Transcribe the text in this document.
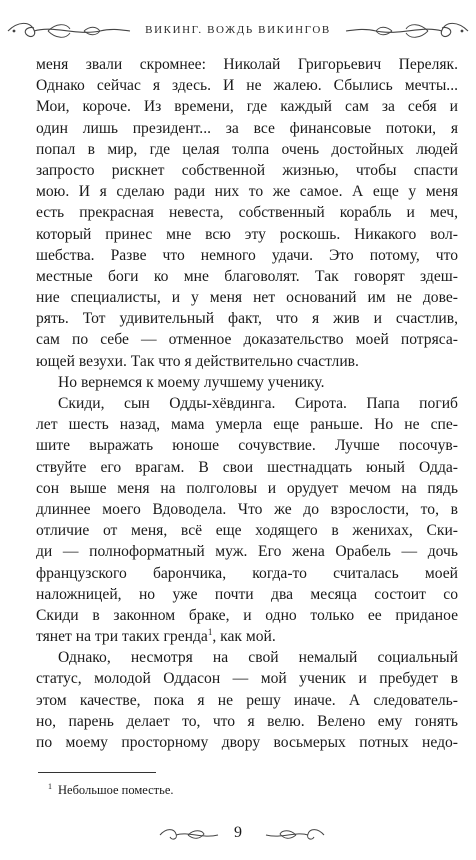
ВИКИНГ. ВОЖДЬ ВИКИНГОВ
меня звали скромнее: Николай Григорьевич Переляк.
Однако сейчас я здесь. И не жалею. Сбылись мечты...
Мои, короче. Из времени, где каждый сам за себя и
один лишь президент... за все финансовые потоки, я
попал в мир, где целая толпа очень достойных людей
запросто рискнет собственной жизнью, чтобы спасти
мою. И я сделаю ради них то же самое. А еще у меня
есть прекрасная невеста, собственный корабль и меч,
который принес мне всю эту роскошь. Никакого вол-
шебства. Разве что немного удачи. Это потому, что
местные боги ко мне благоволят. Так говорят здеш-
ние специалисты, и у меня нет оснований им не дове-
рять. Тот удивительный факт, что я жив и счастлив,
сам по себе — отменное доказательство моей потряса-
ющей везухи. Так что я действительно счастлив.
Но вернемся к моему лучшему ученику.
Скиди, сын Одды-хёвдинга. Сирота. Папа погиб
лет шесть назад, мама умерла еще раньше. Но не спе-
шите выражать юноше сочувствие. Лучше посочув-
ствуйте его врагам. В свои шестнадцать юный Оддa-
сон выше меня на полголовы и орудует мечом на пядь
длиннее моего Вдоводела. Что же до взрослости, то, в
отличие от меня, всё еще ходящего в женихах, Ски-
ди — полноформатный муж. Его жена Орабель — дочь
французского барончика, когда-то считалась моей
наложницей, но уже почти два месяца состоит со
Скиди в законном браке, и одно только ее приданое
тянет на три таких гренда$^1$, как мой.
Однако, несмотря на свой немалый социальный
статус, молодой Оддасон — мой ученик и пребудет в
этом качестве, пока я не решу иначе. А следователь-
но, парень делает то, что я велю. Велено ему гонять
по моему просторному двору восьмерых потных недо-
$^1$ Небольшое поместье.
9
